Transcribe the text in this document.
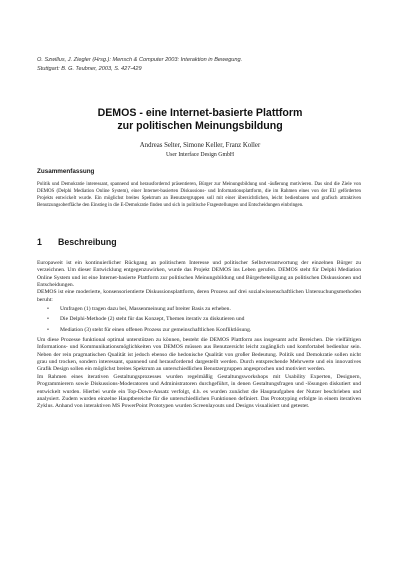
O. Szwillus, J. Ziegler (Hrsg.): Mensch & Computer 2003: Interaktion in Bewegung.
Stuttgart: B. G. Teubner, 2003, S. 427-429
DEMOS - eine Internet-basierte Plattform
zur politischen Meinungsbildung
Andreas Selter, Simone Keller, Franz Koller
User Interface Design GmbH
Zusammenfassung
Politik und Demokratie interessant, spannend und herausfordernd präsentieren, Bürger zur Meinungsbildung und -äußerung motivieren. Das sind die Ziele von DEMOS (Delphi Mediation Online System), einer Internet-basierten Diskussions- und Informationsplattform, die im Rahmen eines von der EU geförderten Projekts entwickelt wurde. Ein möglichst breites Spektrum an Benutzergruppen soll mit einer übersichtlichen, leicht bedienbaren und grafisch attraktiven Benutzungsoberfläche den Einstieg in die E-Demokratie finden und sich in politische Fragestellungen und Entscheidungen einbringen.
1 Beschreibung

Europaweit ist ein kontinuierlicher Rückgang an politischem Interesse und politischer Selbstverantwortung der einzelnen Bürger zu verzeichnen. Um dieser Entwicklung entgegenzuwirken, wurde das Projekt DEMOS ins Leben gerufen. DEMOS steht für Delphi Mediation Online System und ist eine Internet-basierte Plattform zur politischen Meinungsbildung und Bürgerbeteiligung an politischen Diskussionen und Entscheidungen.

DEMOS ist eine moderierte, konsensorientierte Diskussionsplattform, deren Prozess auf drei sozialwissenschaftlichen Untersuchungsmethoden beruht:

• Umfragen (1) tragen dazu bei, Massenmeinung auf breiter Basis zu erheben.
• Die Delphi-Methode (2) steht für das Konzept, Themen iterativ zu diskutieren und
• Mediation (3) steht für einen offenen Prozess zur gemeinschaftlichen Konfliktlösung.

Um diese Prozesse funktional optimal unterstützen zu können, besteht die DEMOS Plattform aus insgesamt acht Bereichen. Die vielfältigen Informations- und Kommunikationsmöglichkeiten von DEMOS müssen aus Benutzersicht leicht zugänglich und komfortabel bedienbar sein. Neben der rein pragmatischen Qualität ist jedoch ebenso die hedonische Qualität von großer Bedeutung. Politik und Demokratie sollen nicht grau und trocken, sondern interessant, spannend und herausfordernd dargestellt werden. Durch entsprechende Mehrwerte und ein innovatives Grafik Design sollen ein möglichst breites Spektrum an unterschiedlichen Benutzergruppen angesprochen und motiviert werden.

Im Rahmen eines iterativen Gestaltungsprozesses wurden regelmäßig Gestaltungsworkshops mit Usability Experten, Designern, Programmierern sowie Diskussions-Moderatoren und Administratoren durchgeführt, in denen Gestaltungsfragen und -lösungen diskutiert und entwickelt wurden. Hierbei wurde ein Top-Down-Ansatz verfolgt, d.h. es wurden zunächst die Hauptaufgaben der Nutzer beschrieben und analysiert. Zudem wurden einzelne Hauptbereiche für die unterschiedlichen Funktionen definiert. Das Prototyping erfolgte in einem iterativen Zyklus. Anhand von interaktiven MS PowerPoint Prototypen wurden Screenlayouts und Designs visualisiert und getestet.
